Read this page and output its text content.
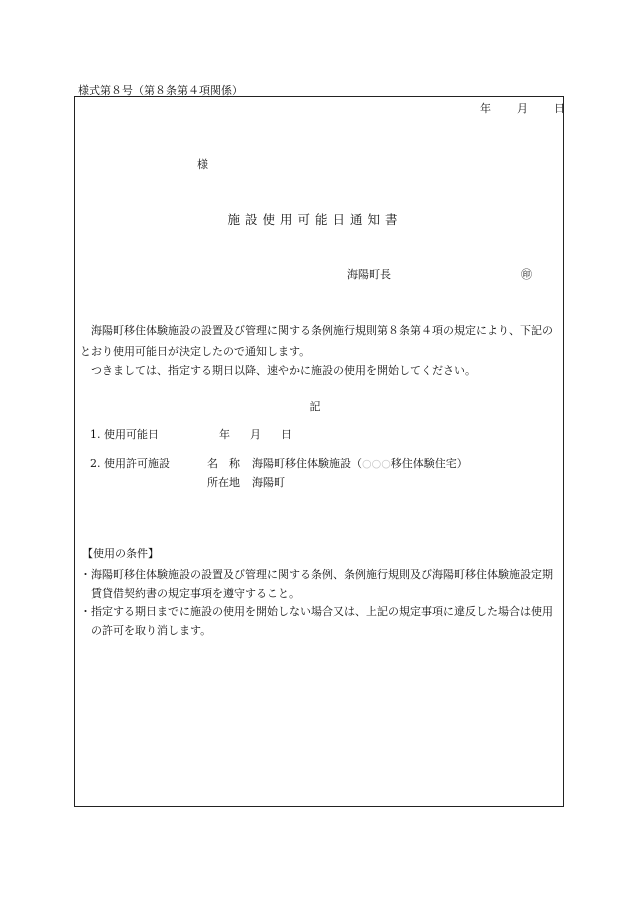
様式第８号（第８条第４項関係）
年 月 日
様
施設使用可能日通知書
海陽町長	㊞
海陽町移住体験施設の設置及び管理に関する条例施行規則第８条第４項の規定により、下記のとおり使用可能日が決定したので通知します。
つきましては、指定する期日以降、速やかに施設の使用を開始してください。
記
1. 使用可能日	年 月 日
2. 使用許可施設	名　称 海陽町移住体験施設（○○○移住体験住宅）
所在地 海陽町
【使用の条件】
・ 海陽町移住体験施設の設置及び管理に関する条例、条例施行規則及び海陽町移住体験施設定期賃貸借契約書の規定事項を遵守すること。
・ 指定する期日までに施設の使用を開始しない場合又は、上記の規定事項に違反した場合は使用の許可を取り消します。
